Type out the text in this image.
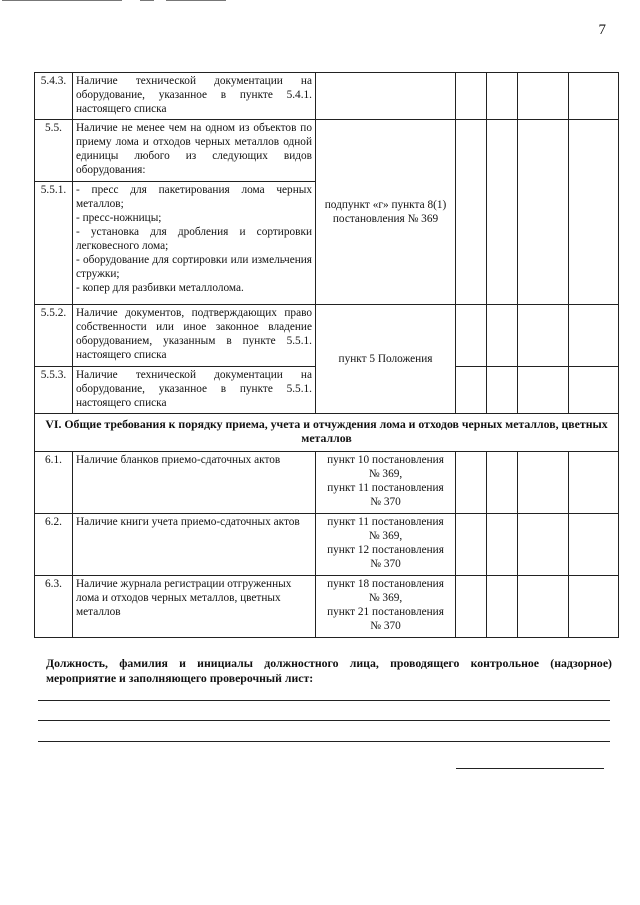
7
5.4.3.	Наличие технической документации на оборудование, указанное в пункте 5.4.1. настоящего списка					
5.5.	Наличие не менее чем на одном из объектов по приему лома и отходов черных металлов одной единицы любого из следующих видов оборудования:	подпункт «г» пункта 8(1) постановления № 369				
5.5.1.	- пресс для пакетирования лома черных металлов;
- пресс-ножницы;
- установка для дробления и сортировки легковесного лома;
- оборудование для сортировки или измельчения стружки;
- копер для разбивки металлолома.					

5.5.2.	Наличие документов, подтверждающих право собственности или иное законное владение оборудованием, указанным в пункте 5.5.1. настоящего списка	пункт 5 Положения				
5.5.3.	Наличие технической документации на оборудование, указанное в пункте 5.5.1. настоящего списка					
VI. Общие требования к порядку приема, учета и отчуждения лома и отходов черных металлов, цветных металлов						
6.1.	Наличие бланков приемо-сдаточных актов	пункт 10 постановления
№ 369,
пункт 11 постановления
№ 370				

6.2.	Наличие книги учета приемо-сдаточных актов	пункт 11 постановления
№ 369,
пункт 12 постановления
№ 370				

6.3.	Наличие журнала регистрации отгруженных лома и отходов черных металлов, цветных металлов	пункт 18 постановления
№ 369,
пункт 21 постановления
№ 370				

Должность, фамилия и инициалы должностного лица, проводящего контрольное (надзорное) мероприятие и заполняющего проверочный лист:
